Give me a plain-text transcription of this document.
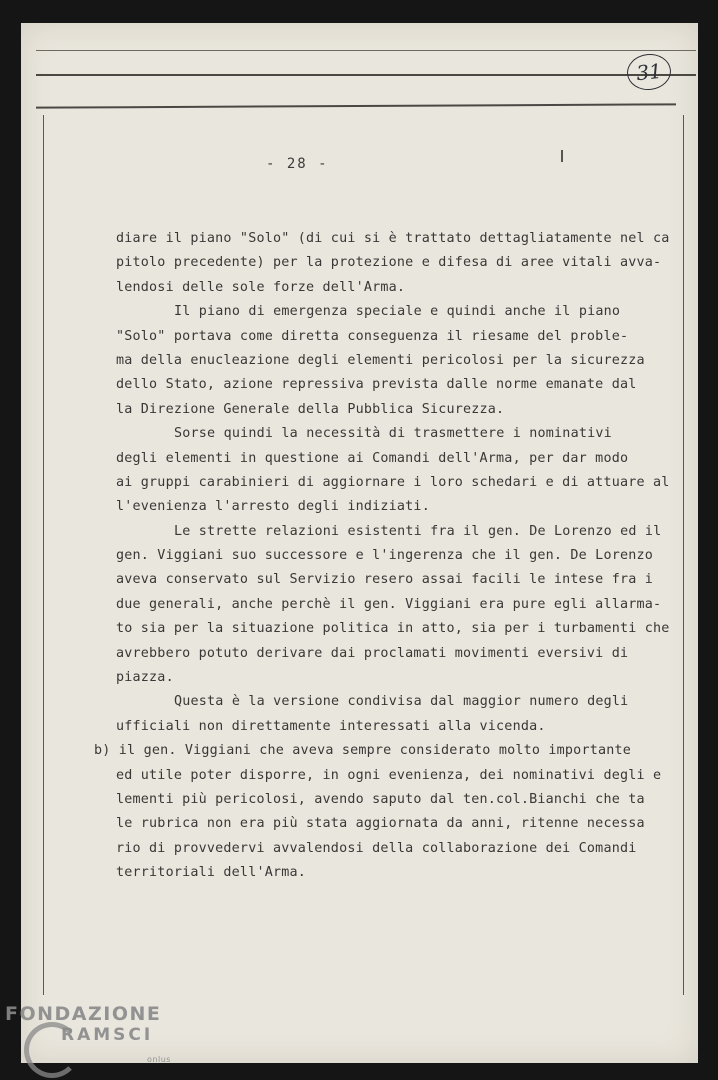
31
- 28 -
diare il piano "Solo" (di cui si è trattato dettagliatamente nel ca
pitolo precedente) per la protezione e difesa di aree vitali avva-
lendosi delle sole forze dell'Arma.
Il piano di emergenza speciale e quindi anche il piano
"Solo" portava come diretta conseguenza il riesame del proble-
ma della enucleazione degli elementi pericolosi per la sicurezza
dello Stato, azione repressiva prevista dalle norme emanate dal
la Direzione Generale della Pubblica Sicurezza.
Sorse quindi la necessità di trasmettere i nominativi
degli elementi in questione ai Comandi dell'Arma, per dar modo
ai gruppi carabinieri di aggiornare i loro schedari e di attuare al
l'evenienza l'arresto degli indiziati.
Le strette relazioni esistenti fra il gen. De Lorenzo ed il
gen. Viggiani suo successore e l'ingerenza che il gen. De Lorenzo
aveva conservato sul Servizio resero assai facili le intese fra i
due generali, anche perchè il gen. Viggiani era pure egli allarma-
to sia per la situazione politica in atto, sia per i turbamenti che
avrebbero potuto derivare dai proclamati movimenti eversivi di
piazza.
Questa è la versione condivisa dal maggior numero degli
ufficiali non direttamente interessati alla vicenda.
b) il gen. Viggiani che aveva sempre considerato molto importante
ed utile poter disporre, in ogni evenienza, dei nominativi degli e
lementi più pericolosi, avendo saputo dal ten.col.Bianchi che ta
le rubrica non era più stata aggiornata da anni, ritenne necessa
rio di provvedervi avvalendosi della collaborazione dei Comandi
territoriali dell'Arma.
FONDAZIONE
RAMSCI
onlus
